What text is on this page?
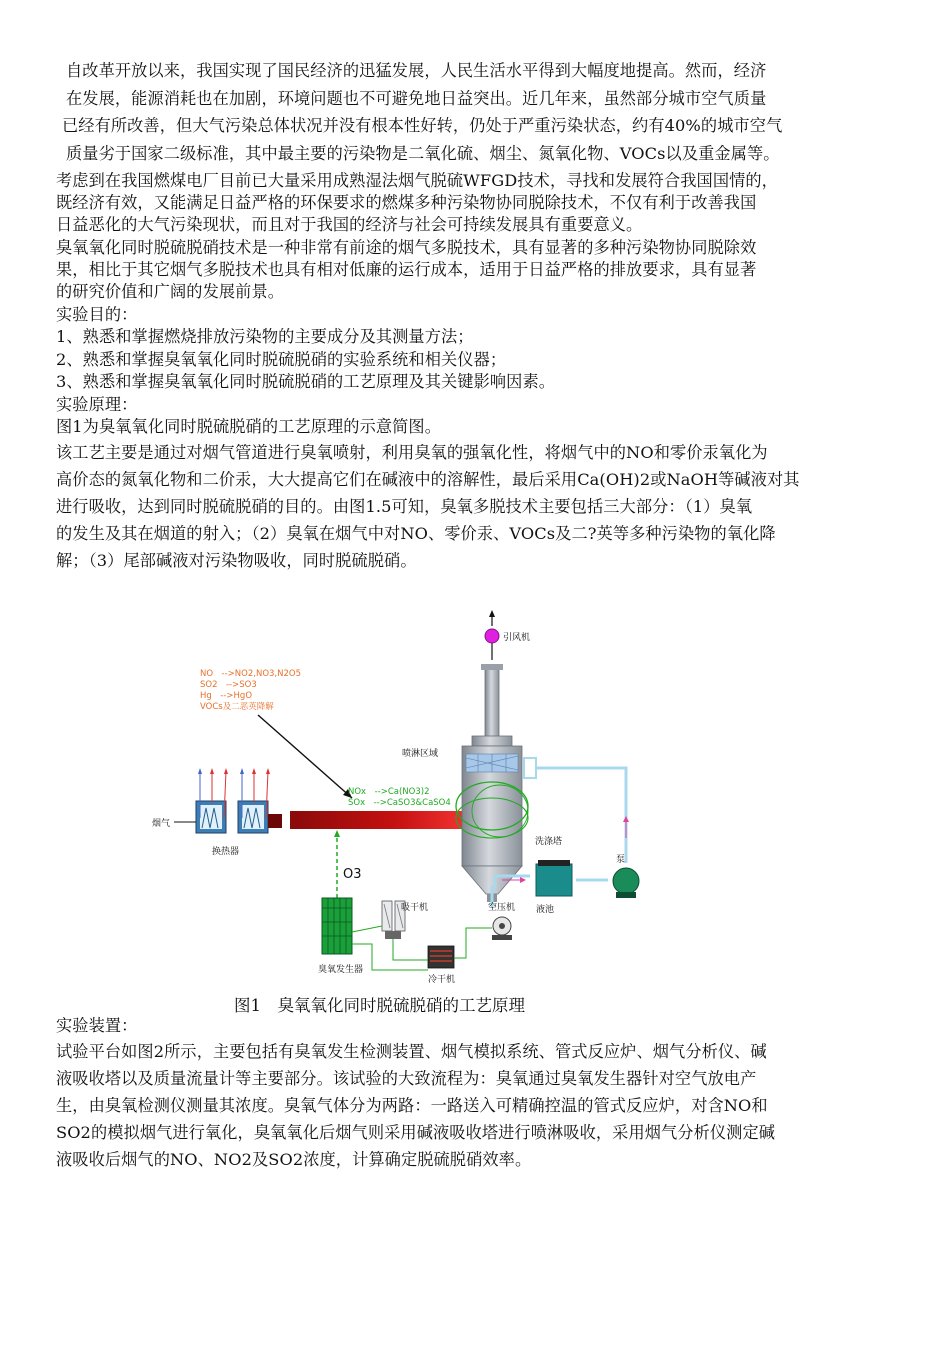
自改革开放以来，我国实现了国民经济的迅猛发展，人民生活水平得到大幅度地提高。然而，经济
在发展，能源消耗也在加剧，环境问题也不可避免地日益突出。近几年来，虽然部分城市空气质量
已经有所改善，但大气污染总体状况并没有根本性好转，仍处于严重污染状态，约有40%的城市空气
质量劣于国家二级标准，其中最主要的污染物是二氧化硫、烟尘、氮氧化物、VOCs以及重金属等。
考虑到在我国燃煤电厂目前已大量采用成熟湿法烟气脱硫WFGD技术，寻找和发展符合我国国情的，
既经济有效，又能满足日益严格的环保要求的燃煤多种污染物协同脱除技术，不仅有利于改善我国
日益恶化的大气污染现状，而且对于我国的经济与社会可持续发展具有重要意义。
臭氧氧化同时脱硫脱硝技术是一种非常有前途的烟气多脱技术，具有显著的多种污染物协同脱除效
果，相比于其它烟气多脱技术也具有相对低廉的运行成本，适用于日益严格的排放要求，具有显著
的研究价值和广阔的发展前景。
实验目的：
1、熟悉和掌握燃烧排放污染物的主要成分及其测量方法；
2、熟悉和掌握臭氧氧化同时脱硫脱硝的实验系统和相关仪器；
3、熟悉和掌握臭氧氧化同时脱硫脱硝的工艺原理及其关键影响因素。
实验原理：
图1为臭氧氧化同时脱硫脱硝的工艺原理的示意简图。
该工艺主要是通过对烟气管道进行臭氧喷射，利用臭氧的强氧化性，将烟气中的NO和零价汞氧化为
高价态的氮氧化物和二价汞，大大提高它们在碱液中的溶解性，最后采用Ca(OH)2或NaOH等碱液对其
进行吸收，达到同时脱硫脱硝的目的。由图1.5可知，臭氧多脱技术主要包括三大部分：（1）臭氧
的发生及其在烟道的射入；（2）臭氧在烟气中对NO、零价汞、VOCs及二?英等多种污染物的氧化降
解；（3）尾部碱液对污染物吸收，同时脱硫脱硝。
NO　-->NO2,NO3,N2O5
SO2　-->SO3
Hg　-->HgO
VOCs及二恶英降解
烟气
换热器
NOx　-->Ca(NO3)2
SOx　-->CaSO3&CaSO4
O3
引风机
喷淋区域
洗涤塔
液池
泵
臭氧发生器
吸干机
冷干机
空压机
图1　臭氧氧化同时脱硫脱硝的工艺原理
实验装置：
试验平台如图2所示，主要包括有臭氧发生检测装置、烟气模拟系统、管式反应炉、烟气分析仪、碱
液吸收塔以及质量流量计等主要部分。该试验的大致流程为：臭氧通过臭氧发生器针对空气放电产
生，由臭氧检测仪测量其浓度。臭氧气体分为两路：一路送入可精确控温的管式反应炉，对含NO和
SO2的模拟烟气进行氧化，臭氧氧化后烟气则采用碱液吸收塔进行喷淋吸收，采用烟气分析仪测定碱
液吸收后烟气的NO、NO2及SO2浓度，计算确定脱硫脱硝效率。
